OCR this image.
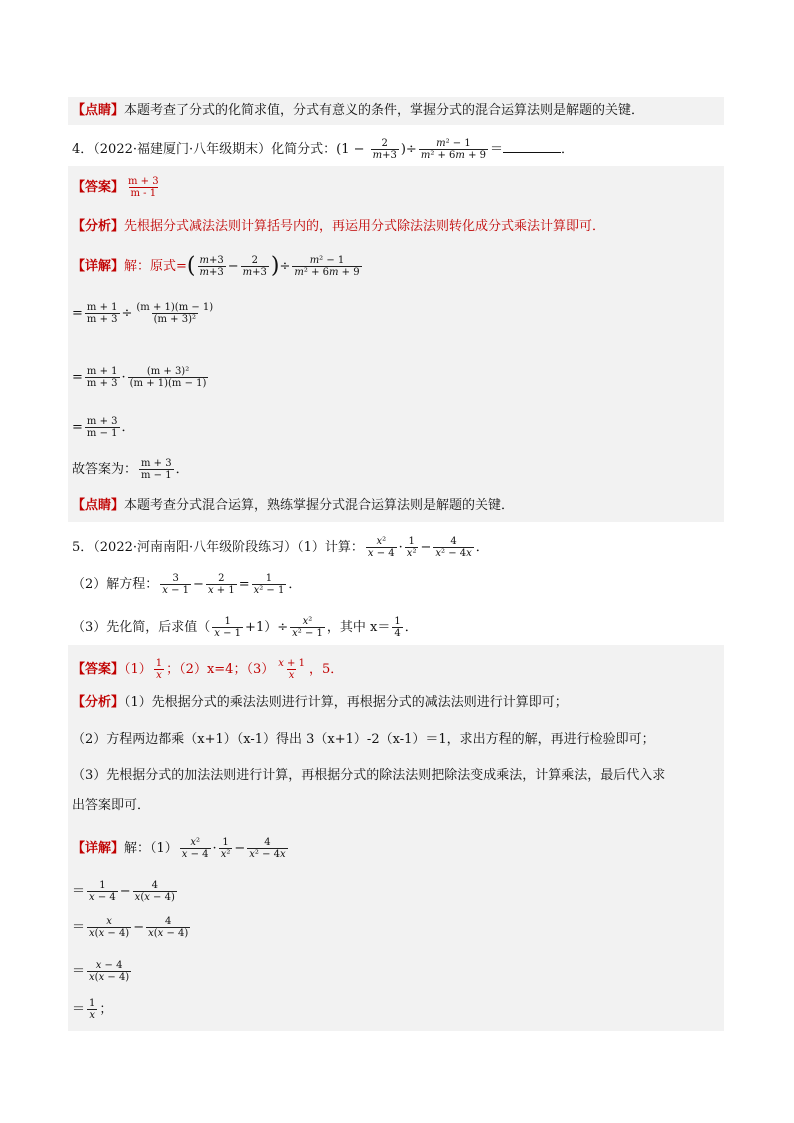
【点睛】本题考查了分式的化简求值，分式有意义的条件，掌握分式的混合运算法则是解题的关键．
4．（2022·福建厦门·八年级期末）化简分式：($1 - \frac{2}{m+3}$ )÷ $\frac{\text{m² − 1}}{\text{m² + 6m + 9}}$ ＝	．
【答案】 $\frac{m + 3}{m - 1}$
【分析】先根据分式减法法则计算括号内的，再运用分式除法法则转化成分式乘法计算即可．
【详解】解：原式=( $\frac{m+3}{m+3} - \frac{2}{m+3}$ )÷ $\frac{\text{m² − 1}}{\text{m² + 6m + 9}}$
= $\frac{m + 1}{m + 3} \div \frac{(m + 1)(m - 1)}{\text{(m + 3)²}}$
= $\frac{m + 1}{m + 3} \cdot \frac{\text{(m + 3)²}}{(m + 1)(m - 1)}$
= $\frac{m + 3}{m - 1}$ ．
故答案为： $\frac{m + 3}{m - 1}$ ．
【点睛】本题考查分式混合运算，熟练掌握分式混合运算法则是解题的关键．
5．（2022·河南南阳·八年级阶段练习）（1）计算： $\frac{\text{x²}}{x - 4} \cdot \frac{1}{\text{x²}} - \frac{4}{\text{x² − 4x}}$ ．
（2）解方程： $\frac{3}{x - 1} - \frac{2}{x + 1} = \frac{1}{\text{x² − 1}}$ ．
（3）先化简，后求值（ $\frac{1}{x - 1} +1)\div \frac{\text{x²}}{\text{x² − 1}}$ ，其中 $x= \frac{1}{4}$ ．
【答案】$(1) \frac{1}{x}$ ；（2）x=4；$(3) \frac{x + 1}{x}$ ，5．
【分析】（1）先根据分式的乘法法则进行计算，再根据分式的减法法则进行计算即可；
（2）方程两边都乘（x+1）（x-1）得出 3（x+1）-2（x-1）＝1，求出方程的解，再进行检验即可；
（3）先根据分式的加法法则进行计算，再根据分式的除法法则把除法变成乘法，计算乘法，最后代入求
出答案即可．
【详解】解：$(1) \frac{\text{x²}}{x - 4} \cdot \frac{1}{\text{x²}} - \frac{4}{\text{x² − 4x}}$
＝ $\frac{1}{x - 4} - \frac{4}{x(x - 4)}$
＝ $\frac{x}{x(x - 4)} - \frac{4}{x(x - 4)}$
＝ $\frac{x - 4}{x(x - 4)}$
＝ $\frac{1}{x}$ ；
